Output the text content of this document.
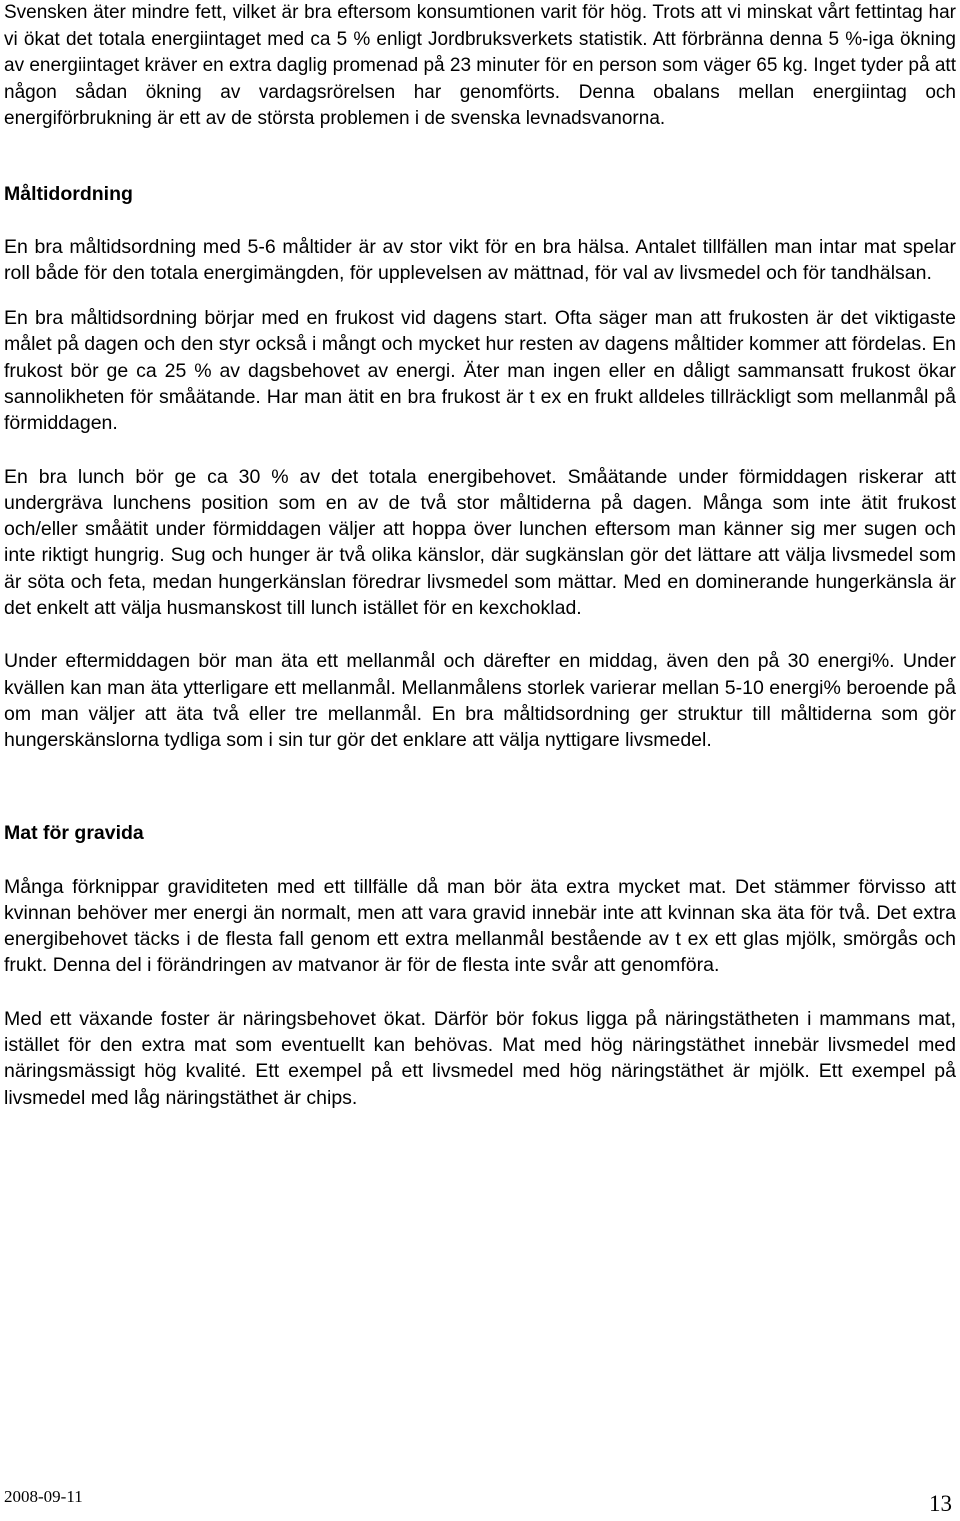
Svensken äter mindre fett, vilket är bra eftersom konsumtionen varit för hög. Trots att vi minskat vårt fettintag har vi ökat det totala energiintaget med ca 5 % enligt Jordbruksverkets statistik. Att förbränna denna 5 %-iga ökning av energiintaget kräver en extra daglig promenad på 23 minuter för en person som väger 65 kg. Inget tyder på att någon sådan ökning av vardagsrörelsen har genomförts. Denna obalans mellan energiintag och energiförbrukning är ett av de största problemen i de svenska levnadsvanorna.

Måltidordning

En bra måltidsordning med 5-6 måltider är av stor vikt för en bra hälsa. Antalet tillfällen man intar mat spelar roll både för den totala energimängden, för upplevelsen av mättnad, för val av livsmedel och för tandhälsan.

En bra måltidsordning börjar med en frukost vid dagens start. Ofta säger man att frukosten är det viktigaste målet på dagen och den styr också i mångt och mycket hur resten av dagens måltider kommer att fördelas. En frukost bör ge ca 25 % av dagsbehovet av energi. Äter man ingen eller en dåligt sammansatt frukost ökar sannolikheten för småätande. Har man ätit en bra frukost är t ex en frukt alldeles tillräckligt som mellanmål på förmiddagen.

En bra lunch bör ge ca 30 % av det totala energibehovet. Småätande under förmiddagen riskerar att undergräva lunchens position som en av de två stor måltiderna på dagen. Många som inte ätit frukost och/eller småätit under förmiddagen väljer att hoppa över lunchen eftersom man känner sig mer sugen och inte riktigt hungrig. Sug och hunger är två olika känslor, där sugkänslan gör det lättare att välja livsmedel som är söta och feta, medan hungerkänslan föredrar livsmedel som mättar. Med en dominerande hungerkänsla är det enkelt att välja husmanskost till lunch istället för en kexchoklad.

Under eftermiddagen bör man äta ett mellanmål och därefter en middag, även den på 30 energi%. Under kvällen kan man äta ytterligare ett mellanmål. Mellanmålens storlek varierar mellan 5-10 energi% beroende på om man väljer att äta två eller tre mellanmål. En bra måltidsordning ger struktur till måltiderna som gör hungerskänslorna tydliga som i sin tur gör det enklare att välja nyttigare livsmedel.

Mat för gravida

Många förknippar graviditeten med ett tillfälle då man bör äta extra mycket mat. Det stämmer förvisso att kvinnan behöver mer energi än normalt, men att vara gravid innebär inte att kvinnan ska äta för två. Det extra energibehovet täcks i de flesta fall genom ett extra mellanmål bestående av t ex ett glas mjölk, smörgås och frukt. Denna del i förändringen av matvanor är för de flesta inte svår att genomföra.

Med ett växande foster är näringsbehovet ökat. Därför bör fokus ligga på näringstätheten i mammans mat, istället för den extra mat som eventuellt kan behövas. Mat med hög näringstäthet innebär livsmedel med näringsmässigt hög kvalité. Ett exempel på ett livsmedel med hög näringstäthet är mjölk. Ett exempel på livsmedel med låg näringstäthet är chips.

2008-09-11	13
